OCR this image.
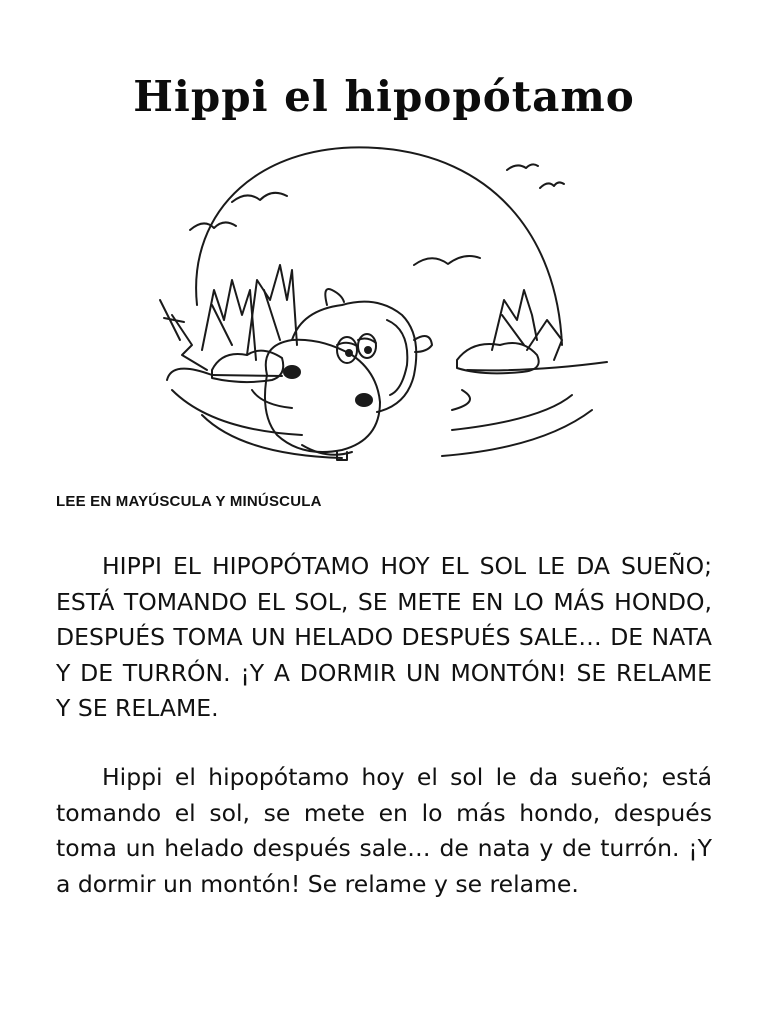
Hippi el hipopótamo
LEE EN MAYÚSCULA Y MINÚSCULA

HIPPI EL HIPOPÓTAMO HOY EL SOL LE DA SUEÑO; ESTÁ TOMANDO EL SOL, SE METE EN LO MÁS HONDO, DESPUÉS TOMA UN HELADO DESPUÉS SALE… DE NATA Y DE TURRÓN. ¡Y A DORMIR UN MONTÓN! SE RELAME Y SE RELAME.

Hippi el hipopótamo hoy el sol le da sueño; está tomando el sol, se mete en lo más hondo, después toma un helado después sale… de nata y de turrón. ¡Y a dormir un montón! Se relame y se relame.
